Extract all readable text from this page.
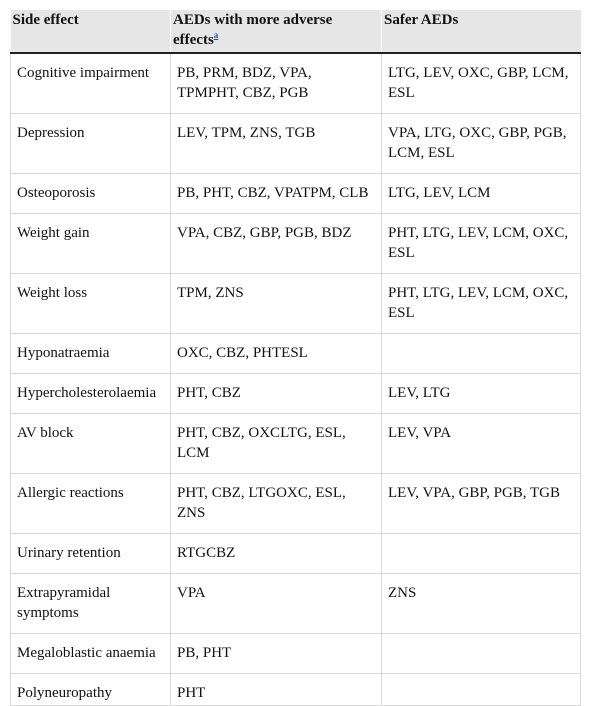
Side effect	AEDs with more adverse effects$^a$	Safer AEDs
Cognitive impairment	PB, PRM, BDZ, VPA, TPMPHT, CBZ, PGB	LTG, LEV, OXC, GBP, LCM, ESL
Depression	LEV, TPM, ZNS, TGB	VPA, LTG, OXC, GBP, PGB, LCM, ESL
Osteoporosis	PB, PHT, CBZ, VPATPM, CLB	LTG, LEV, LCM
Weight gain	VPA, CBZ, GBP, PGB, BDZ	PHT, LTG, LEV, LCM, OXC, ESL
Weight loss	TPM, ZNS	PHT, LTG, LEV, LCM, OXC, ESL
Hyponatraemia	OXC, CBZ, PHTESL	
Hypercholesterolaemia	PHT, CBZ	LEV, LTG
AV block	PHT, CBZ, OXCLTG, ESL, LCM	LEV, VPA
Allergic reactions	PHT, CBZ, LTGOXC, ESL, ZNS	LEV, VPA, GBP, PGB, TGB
Urinary retention	RTGCBZ	
Extrapyramidal symptoms	VPA	ZNS
Megaloblastic anaemia	PB, PHT	
Polyneuropathy	PHT	
